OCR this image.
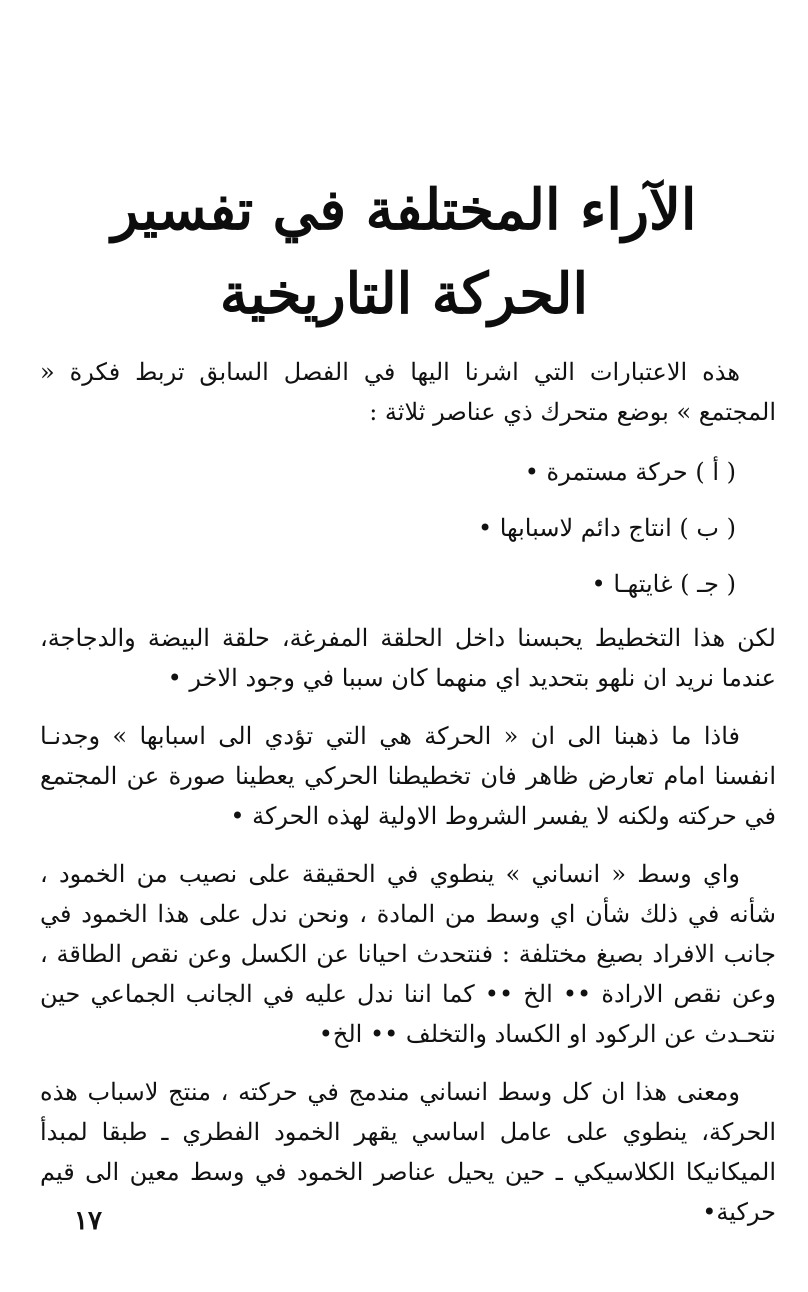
الآراء المختلفة في تفسير
الحركة التاريخية

هذه الاعتبارات التي اشرنا اليها في الفصل السابق تربط فكرة « المجتمع » بوضع متحرك ذي عناصر ثلاثة :

( أ ) حركة مستمرة •
( ب ) انتاج دائم لاسبابها •
( جـ ) غايتهـا •

لكن هذا التخطيط يحبسنا داخل الحلقة المفرغة، حلقة البيضة والدجاجة، عندما نريد ان نلهو بتحديد اي منهما كان سببا في وجود الاخر •

فاذا ما ذهبنا الى ان « الحركة هي التي تؤدي الى اسبابها » وجدنـا انفسنا امام تعارض ظاهر فان تخطيطنا الحركي يعطينا صورة عن المجتمع في حركته ولكنه لا يفسر الشروط الاولية لهذه الحركة •

واي وسط « انساني » ينطوي في الحقيقة على نصيب من الخمود ، شأنه في ذلك شأن اي وسط من المادة ، ونحن ندل على هذا الخمود في جانب الافراد بصيغ مختلفة : فنتحدث احيانا عن الكسل وعن نقص الطاقة ، وعن نقص الارادة •• الخ •• كما اننا ندل عليه في الجانب الجماعي حين نتحـدث عن الركود او الكساد والتخلف •• الخ•

ومعنى هذا ان كل وسط انساني مندمج في حركته ، منتج لاسباب هذه الحركة، ينطوي على عامل اساسي يقهر الخمود الفطري ـ طبقا لمبدأ الميكانيكا الكلاسيكي ـ حين يحيل عناصر الخمود في وسط معين الى قيم حركية•

١٧
